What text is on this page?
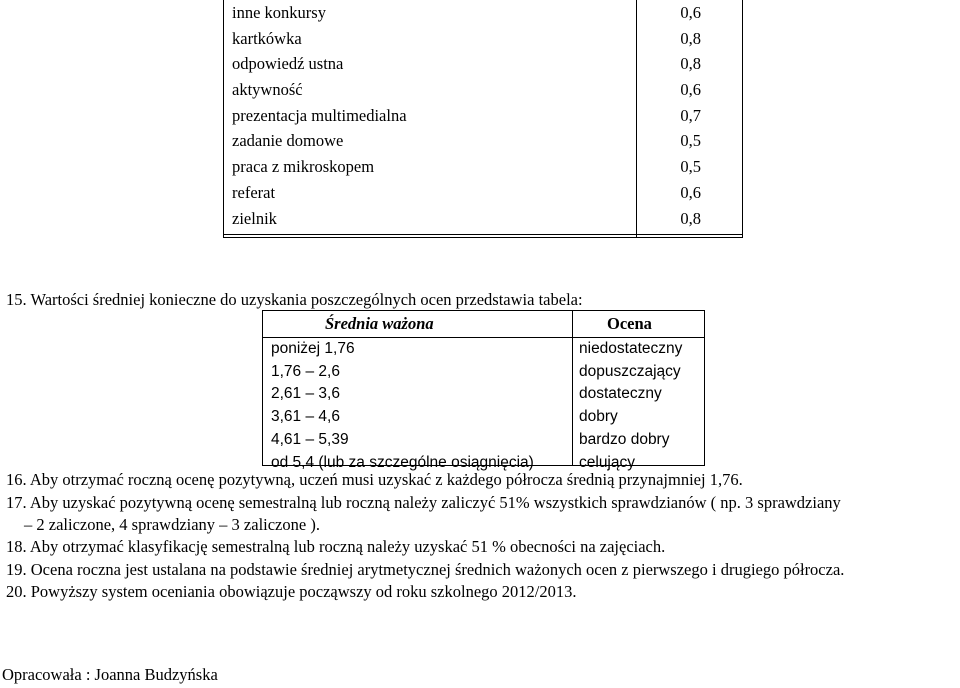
inne konkursy	0,6
kartkówka	0,8
odpowiedź ustna	0,8
aktywność	0,6
prezentacja multimedialna	0,7
zadanie domowe	0,5
praca z mikroskopem	0,5
referat	0,6
zielnik	0,8
15. Wartości średniej konieczne do uzyskania poszczególnych ocen przedstawia tabela:
Średnia ważona	Ocena
poniżej 1,76	niedostateczny
1,76 – 2,6	dopuszczający
2,61 – 3,6	dostateczny
3,61 – 4,6	dobry
4,61 – 5,39	bardzo dobry
od 5,4 (lub za szczególne osiągnięcia)	celujący
16. Aby otrzymać roczną ocenę pozytywną, uczeń musi uzyskać z każdego półrocza średnią przynajmniej 1,76.
17. Aby uzyskać pozytywną ocenę semestralną lub roczną należy zaliczyć 51% wszystkich sprawdzianów ( np. 3 sprawdziany
– 2 zaliczone, 4 sprawdziany – 3 zaliczone ).
18. Aby otrzymać klasyfikację semestralną lub roczną należy uzyskać 51 % obecności na zajęciach.
19. Ocena roczna jest ustalana na podstawie średniej arytmetycznej średnich ważonych ocen z pierwszego i drugiego półrocza.
20. Powyższy system oceniania obowiązuje począwszy od roku szkolnego 2012/2013.
Opracowała : Joanna Budzyńska
